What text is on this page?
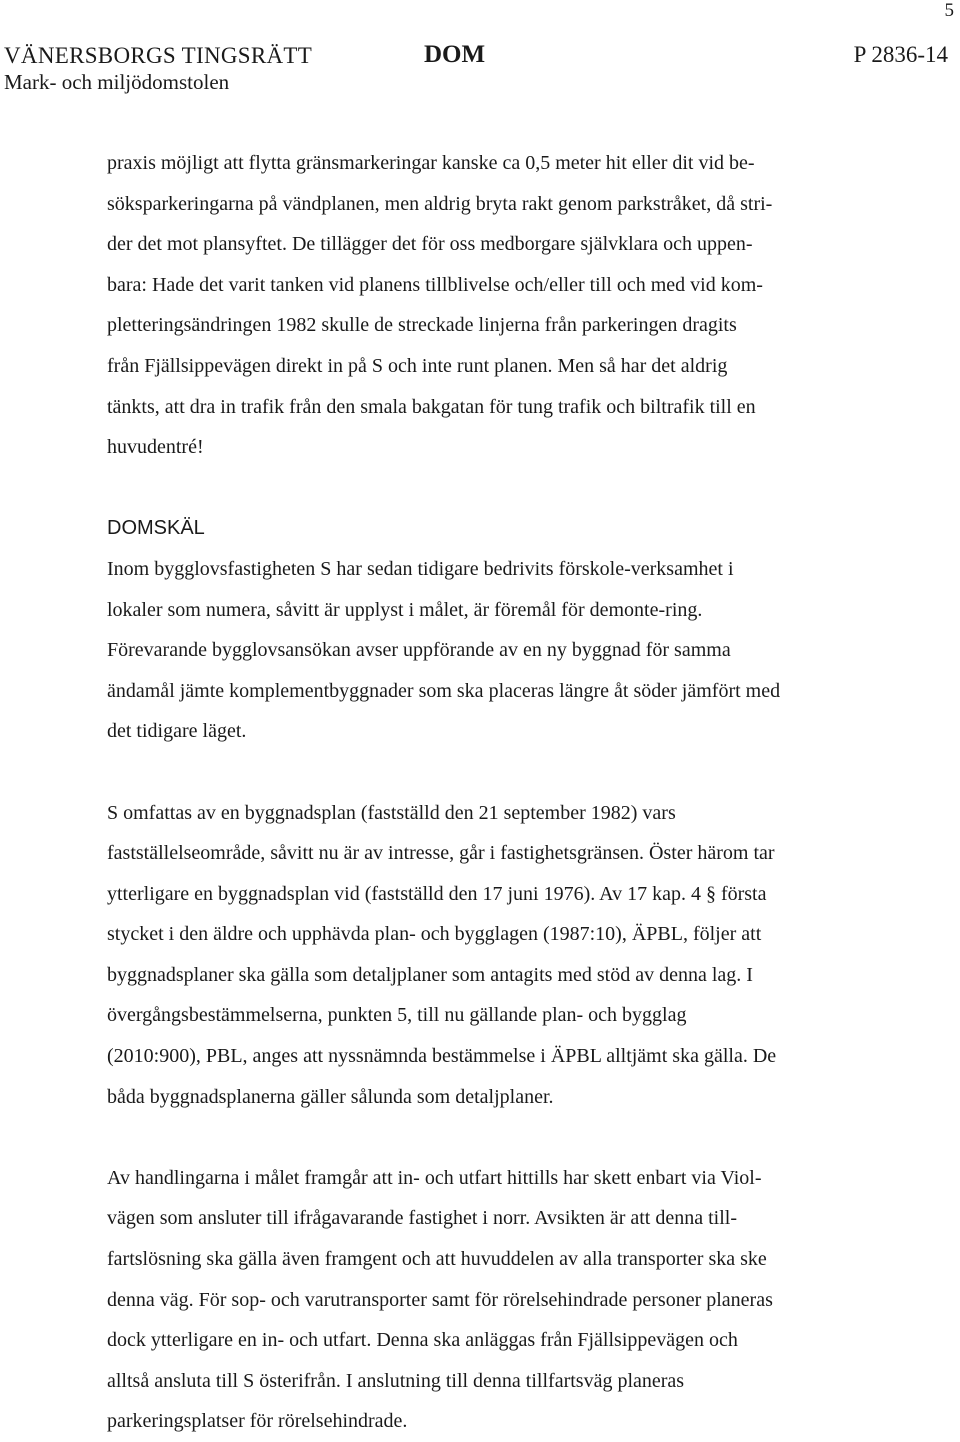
5
VÄNERSBORGS TINGSRÄTT
Mark- och miljödomstolen
DOM	P 2836-14

praxis möjligt att flytta gränsmarkeringar kanske ca 0,5 meter hit eller dit vid be-
söksparkeringarna på vändplanen, men aldrig bryta rakt genom parkstråket, då stri-
der det mot plansyftet. De tillägger det för oss medborgare självklara och uppen-
bara: Hade det varit tanken vid planens tillblivelse och/eller till och med vid kom-
pletteringsändringen 1982 skulle de streckade linjerna från parkeringen dragits
från Fjällsippevägen direkt in på S och inte runt planen. Men så har det aldrig
tänkts, att dra in trafik från den smala bakgatan för tung trafik och biltrafik till en
huvudentré!

DOMSKÄL

Inom bygglovsfastigheten S har sedan tidigare bedrivits förskole-verksamhet i
lokaler som numera, såvitt är upplyst i målet, är föremål för demonte-ring.
Förevarande bygglovsansökan avser uppförande av en ny byggnad för samma
ändamål jämte komplementbyggnader som ska placeras längre åt söder jämfört med
det tidigare läget.

S omfattas av en byggnadsplan (fastställd den 21 september 1982) vars
fastställelseområde, såvitt nu är av intresse, går i fastighetsgränsen. Öster härom tar
ytterligare en byggnadsplan vid (fastställd den 17 juni 1976). Av 17 kap. 4 § första
stycket i den äldre och upphävda plan- och bygglagen (1987:10), ÄPBL, följer att
byggnadsplaner ska gälla som detaljplaner som antagits med stöd av denna lag. I
övergångsbestämmelserna, punkten 5, till nu gällande plan- och bygglag
(2010:900), PBL, anges att nyssnämnda bestämmelse i ÄPBL alltjämt ska gälla. De
båda byggnadsplanerna gäller sålunda som detaljplaner.

Av handlingarna i målet framgår att in- och utfart hittills har skett enbart via Viol-
vägen som ansluter till ifrågavarande fastighet i norr. Avsikten är att denna till-
fartslösning ska gälla även framgent och att huvuddelen av alla transporter ska ske
denna väg. För sop- och varutransporter samt för rörelsehindrade personer planeras
dock ytterligare en in- och utfart. Denna ska anläggas från Fjällsippevägen och
alltså ansluta till S österifrån. I anslutning till denna tillfartsväg planeras
parkeringsplatser för rörelsehindrade.
